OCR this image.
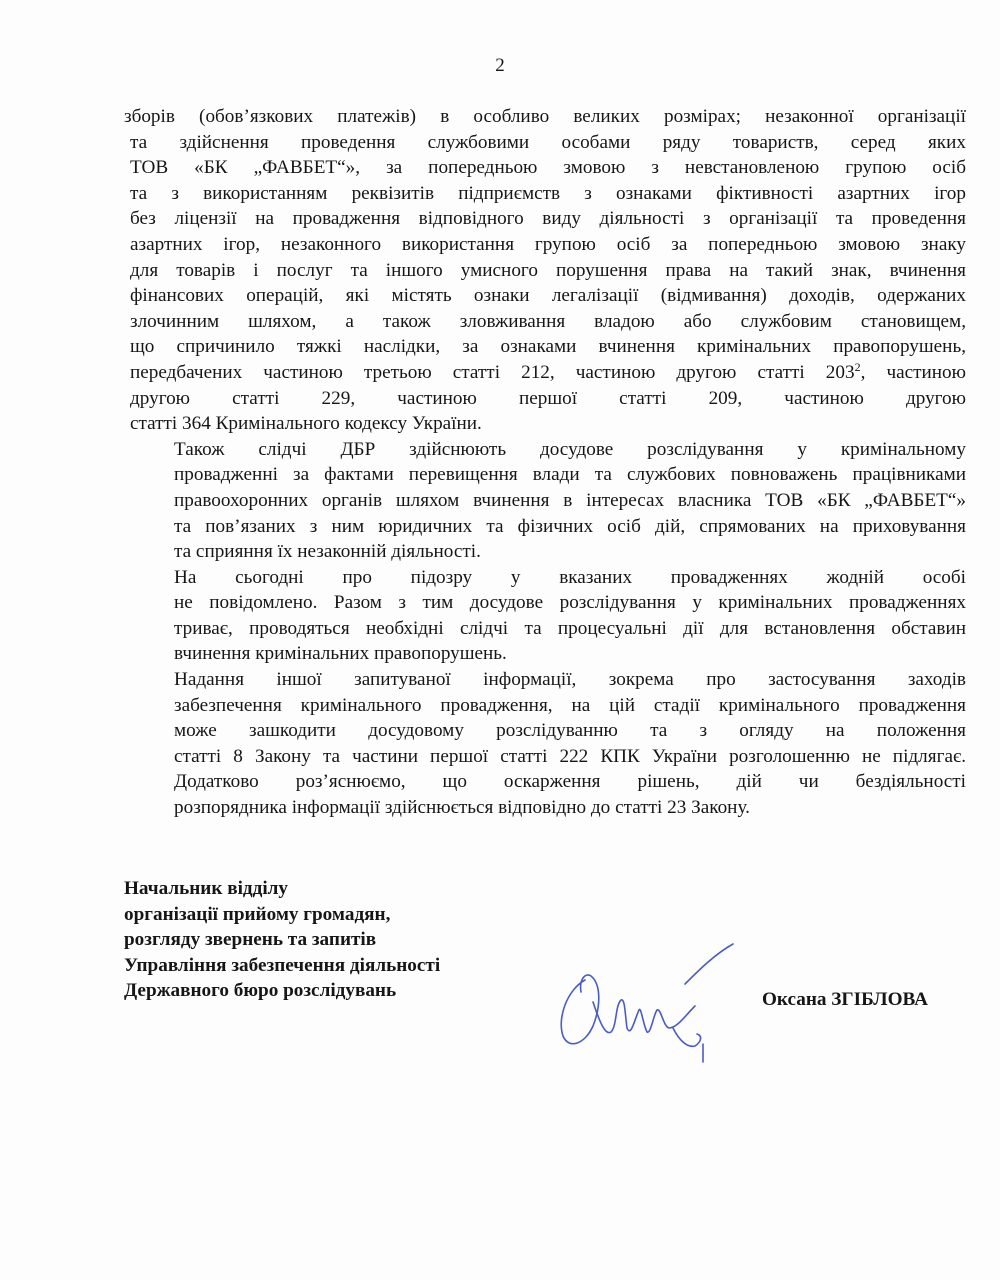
2

зборів (обов’язкових платежів) в особливо великих розмірах; незаконної організації
та здійснення проведення службовими особами ряду товариств, серед яких
ТОВ «БК „ФАВБЕТ“», за попередньою змовою з невстановленою групою осіб
та з використанням реквізитів підприємств з ознаками фіктивності азартних ігор
без ліцензії на провадження відповідного виду діяльності з організації та проведення
азартних ігор, незаконного використання групою осіб за попередньою змовою знаку
для товарів і послуг та іншого умисного порушення права на такий знак, вчинення
фінансових операцій, які містять ознаки легалізації (відмивання) доходів, одержаних
злочинним шляхом, а також зловживання владою або службовим становищем,
що спричинило тяжкі наслідки, за ознаками вчинення кримінальних правопорушень,
передбачених частиною третьою статті 212, частиною другою статті $203^2$, частиною
другою статті 229, частиною першої статті 209, частиною другою
статті 364 Кримінального кодексу України.

Також слідчі ДБР здійснюють досудове розслідування у кримінальному
провадженні за фактами перевищення влади та службових повноважень працівниками
правоохоронних органів шляхом вчинення в інтересах власника ТОВ «БК „ФАВБЕТ“»
та пов’язаних з ним юридичних та фізичних осіб дій, спрямованих на приховування
та сприяння їх незаконній діяльності.

На сьогодні про підозру у вказаних провадженнях жодній особі
не повідомлено. Разом з тим досудове розслідування у кримінальних провадженнях
триває, проводяться необхідні слідчі та процесуальні дії для встановлення обставин
вчинення кримінальних правопорушень.

Надання іншої запитуваної інформації, зокрема про застосування заходів
забезпечення кримінального провадження, на цій стадії кримінального провадження
може зашкодити досудовому розслідуванню та з огляду на положення
статті 8 Закону та частини першої статті 222 КПК України розголошенню не підлягає.

Додатково роз’яснюємо, що оскарження рішень, дій чи бездіяльності
розпорядника інформації здійснюється відповідно до статті 23 Закону.

Начальник відділу
організації прийому громадян,
розгляду звернень та запитів
Управління забезпечення діяльності
Державного бюро розслідувань	Оксана ЗГІБЛОВА
